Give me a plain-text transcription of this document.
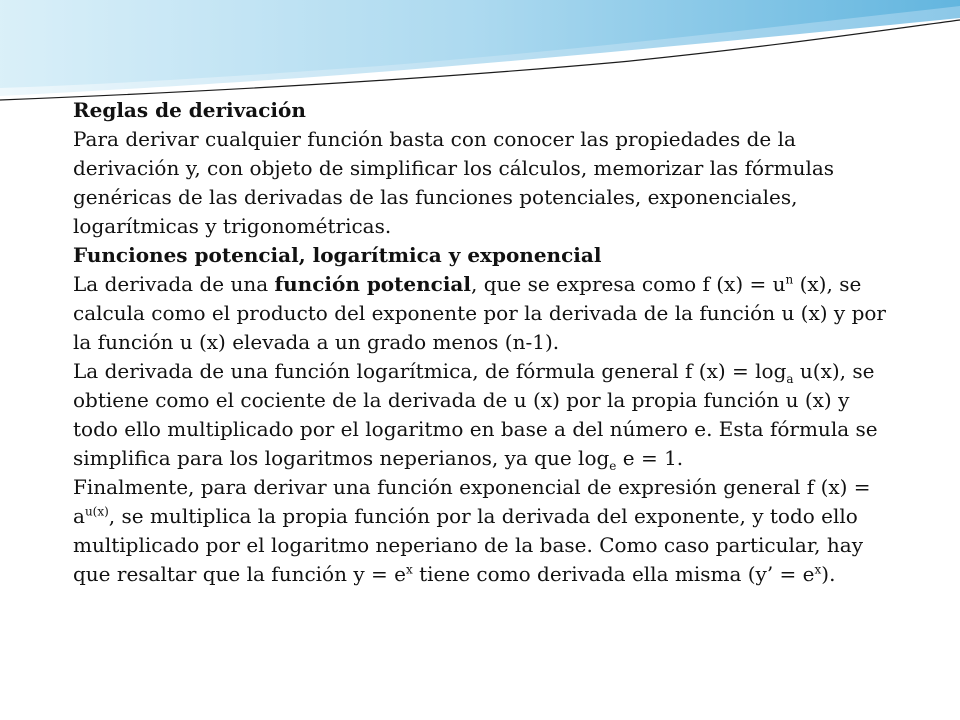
Reglas de derivación

Para derivar cualquier función basta con conocer las propiedades de la derivación y, con objeto de simplificar los cálculos, memorizar las fórmulas genéricas de las derivadas de las funciones potenciales, exponenciales, logarítmicas y trigonométricas.

Funciones potencial, logarítmica y exponencial

La derivada de una función potencial, que se expresa como f $(x) = u^n$ (x), se calcula como el producto del exponente por la derivada de la función u (x) y por la función u (x) elevada a un grado menos (n-1).

La derivada de una función logarítmica, de fórmula general f $(x) = \log_a u(x)$, se obtiene como el cociente de la derivada de u (x) por la propia función u (x) y todo ello multiplicado por el logaritmo en base a del número e. Esta fórmula se simplifica para los logaritmos neperianos, ya que $\log_e e = 1$.

Finalmente, para derivar una función exponencial de expresión general f $(x) = a^{u(x)}$, se multiplica la propia función por la derivada del exponente, y todo ello multiplicado por el logaritmo neperiano de la base. Como caso particular, hay que resaltar que la función $y = e^x$ tiene como derivada ella misma (y’ = $e^x$).
